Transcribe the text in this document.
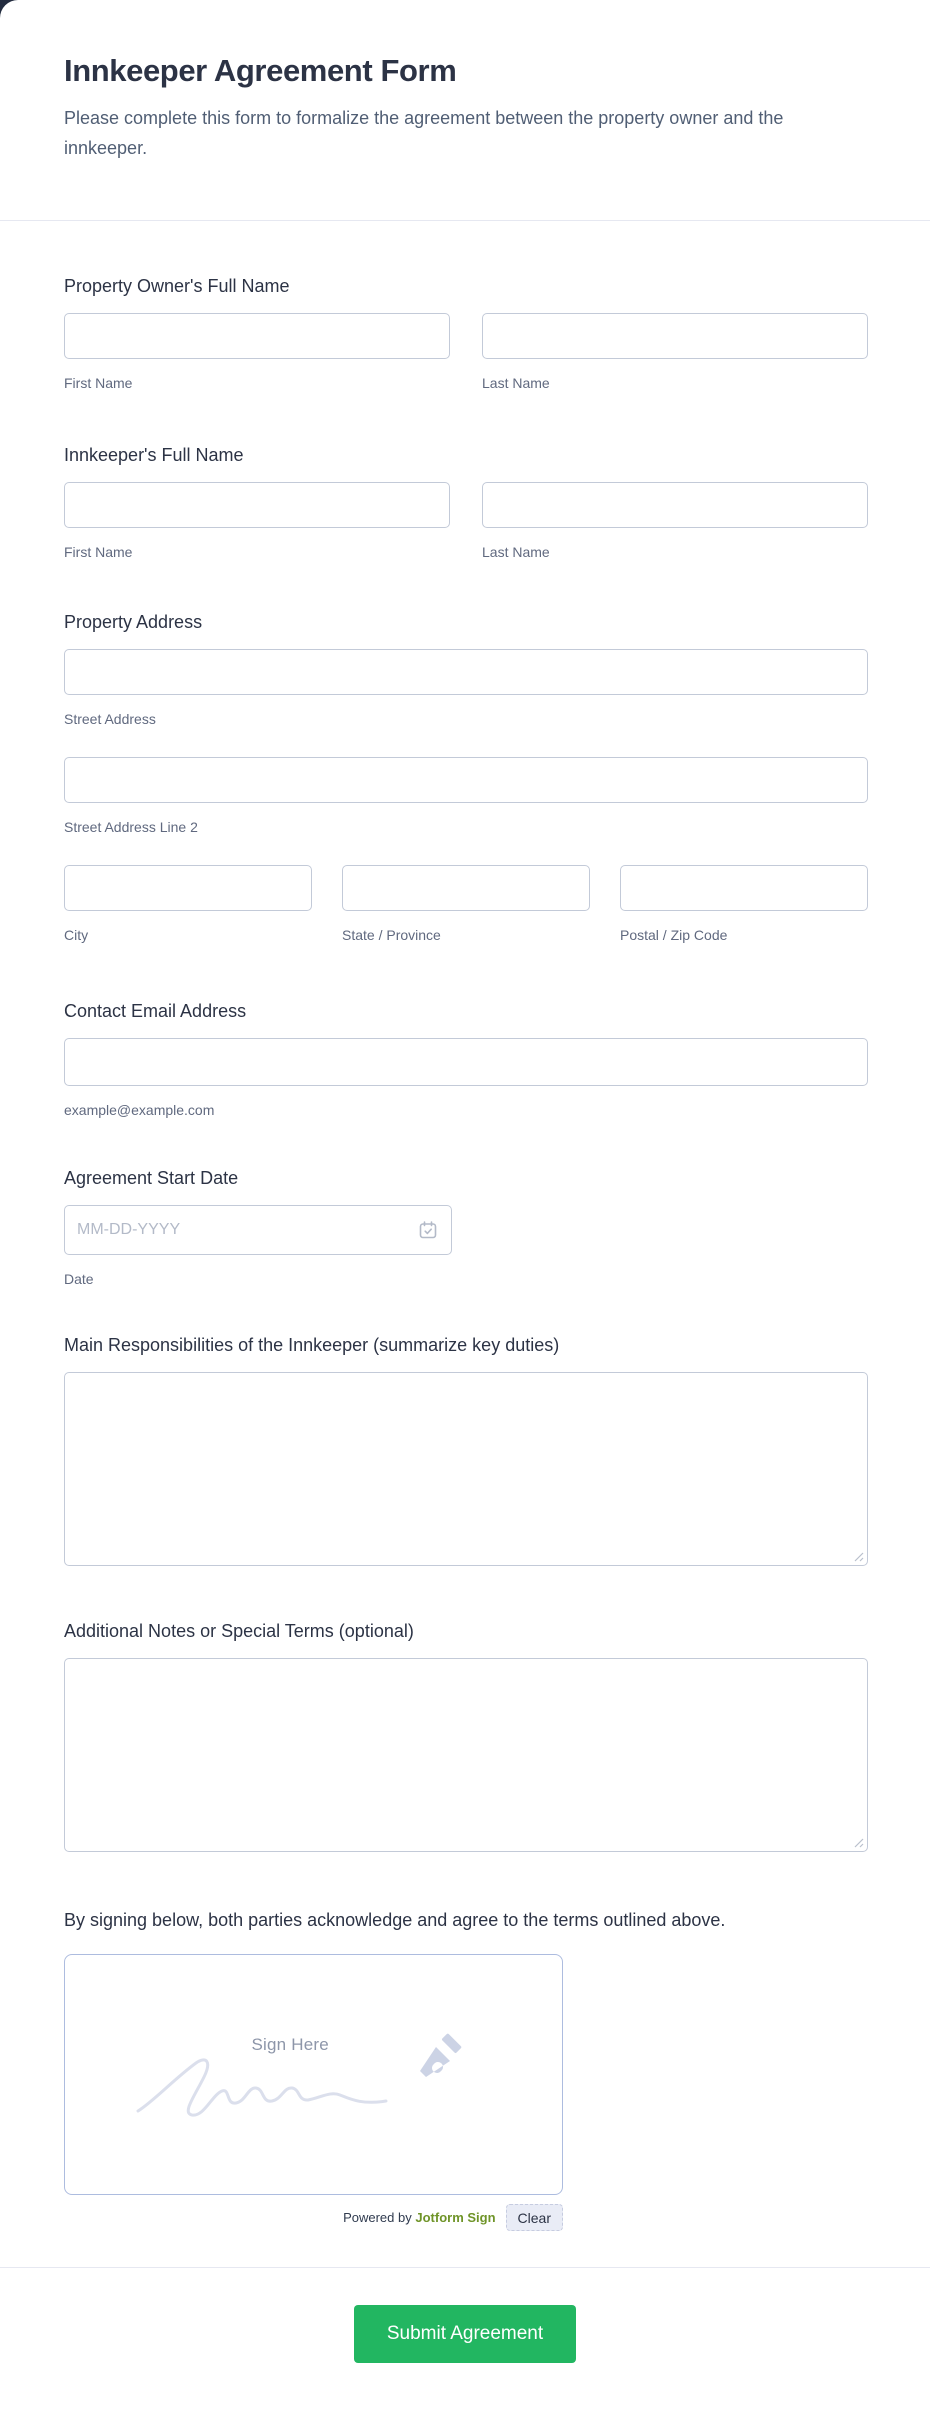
Innkeeper Agreement Form
Please complete this form to formalize the agreement between the property owner and the innkeeper.
Property Owner's Full Name
First Name	Last Name
Innkeeper's Full Name
First Name	Last Name
Property Address
Street Address
Street Address Line 2
City	State / Province	Postal / Zip Code
Contact Email Address
example@example.com
Agreement Start Date
MM-DD-YYYY
Date
Main Responsibilities of the Innkeeper (summarize key duties)
Additional Notes or Special Terms (optional)
By signing below, both parties acknowledge and agree to the terms outlined above.
Sign Here
Powered by Jotform Sign	Clear
Submit Agreement
